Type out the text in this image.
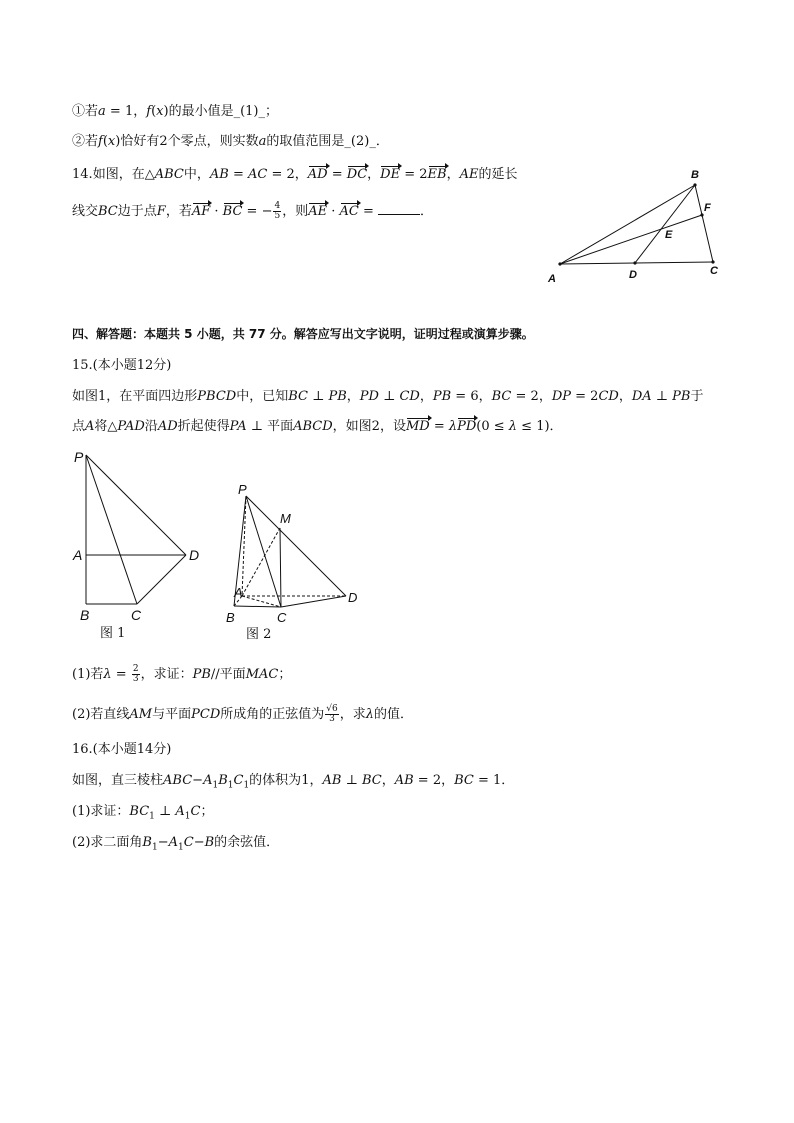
①若a = 1，f(x)的最小值是_(1)_；
②若f(x)恰好有2个零点，则实数a的取值范围是_(2)_．
14.如图，在△ABC中，AB = AC = 2，AD = DC，DE = 2EB，AE的延长
线交BC边于点F，若AF · BC = − $\frac{4}{5}$ ，则AE · AC =	．
A
B
C
D
E
F
四、解答题：本题共 5 小题，共 77 分。解答应写出文字说明，证明过程或演算步骤。
15.(本小题12分)
如图1，在平面四边形PBCD中，已知BC ⊥ PB，PD ⊥ CD，PB = 6，BC = 2，DP = 2CD，DA ⊥ PB于
点A将△PAD沿AD折起使得PA ⊥ 平面ABCD，如图2，设MD = λPD(0 ≤ λ ≤ 1)．
P
A
B	C
D
图 1
P
M
A
B	C
D
图 2
(1)若$\lambda = \frac{2}{3}$ ，求证：PB//平面MAC；
(2)若直线AM与平面PCD所成角的正弦值为 $\frac{√6}{3}$ ，求λ的值．
16.(本小题14分)
如图，直三棱柱$ABC-A_1B_1C_1$的体积为1，AB ⊥ BC，AB = 2，BC = 1．
(1)求证：$BC_1$ ⊥ $A_1C$；
(2)求二面角$B_1-A_1C-B$的余弦值．
